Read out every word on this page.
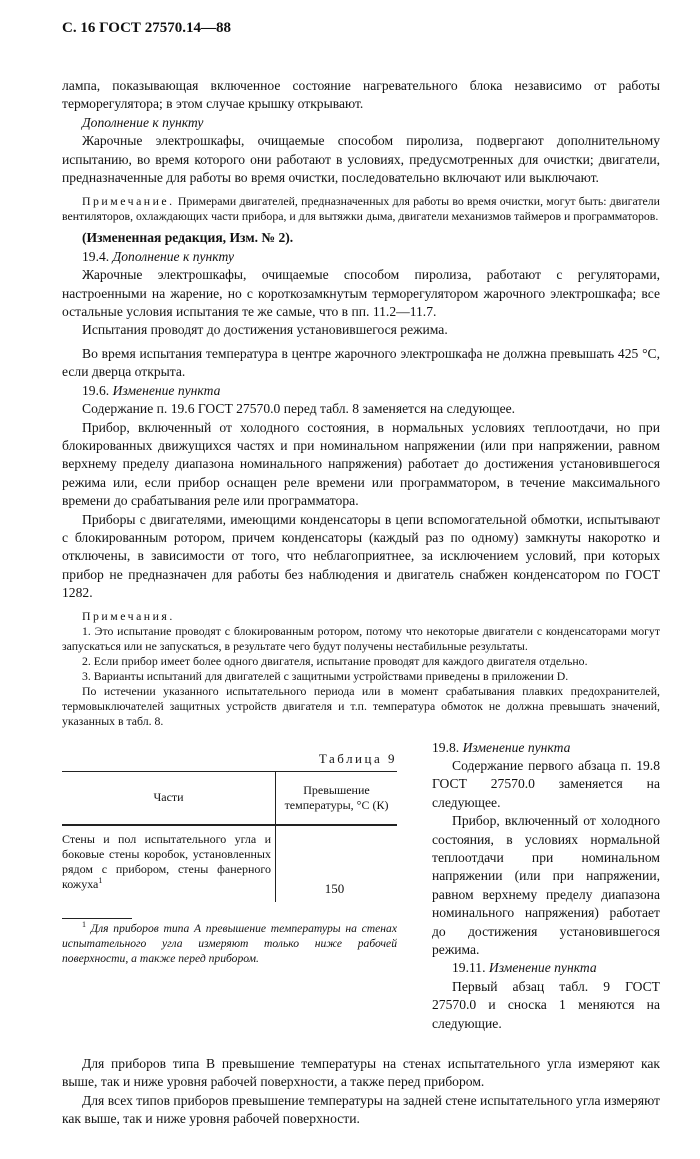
С. 16 ГОСТ 27570.14—88

лампа, показывающая включенное состояние нагревательного блока независимо от работы терморегулятора; в этом случае крышку открывают.

Дополнение к пункту

Жарочные электрошкафы, очищаемые способом пиролиза, подвергают дополнительному испытанию, во время которого они работают в условиях, предусмотренных для очистки; двигатели, предназначенные для работы во время очистки, последовательно включают или выключают.

Примечание. Примерами двигателей, предназначенных для работы во время очистки, могут быть: двигатели вентиляторов, охлаждающих части прибора, и для вытяжки дыма, двигатели механизмов таймеров и программаторов.

(Измененная редакция, Изм. № 2).

19.4. Дополнение к пункту

Жарочные электрошкафы, очищаемые способом пиролиза, работают с регуляторами, настроенными на жарение, но с короткозамкнутым терморегулятором жарочного электрошкафа; все остальные условия испытания те же самые, что в пп. 11.2—11.7.

Испытания проводят до достижения установившегося режима.

Во время испытания температура в центре жарочного электрошкафа не должна превышать 425 °С, если дверца открыта.

19.6. Изменение пункта

Содержание п. 19.6 ГОСТ 27570.0 перед табл. 8 заменяется на следующее.

Прибор, включенный от холодного состояния, в нормальных условиях теплоотдачи, но при блокированных движущихся частях и при номинальном напряжении (или при напряжении, равном верхнему пределу диапазона номинального напряжения) работает до достижения установившегося режима или, если прибор оснащен реле времени или программатором, в течение максимального времени до срабатывания реле или программатора.

Приборы с двигателями, имеющими конденсаторы в цепи вспомогательной обмотки, испытывают с блокированным ротором, причем конденсаторы (каждый раз по одному) замкнуты накоротко и отключены, в зависимости от того, что неблагоприятнее, за исключением условий, при которых прибор не предназначен для работы без наблюдения и двигатель снабжен конденсатором по ГОСТ 1282.

Примечания.

1. Это испытание проводят с блокированным ротором, потому что некоторые двигатели с конденсаторами могут запускаться или не запускаться, в результате чего будут получены нестабильные результаты.

2. Если прибор имеет более одного двигателя, испытание проводят для каждого двигателя отдельно.

3. Варианты испытаний для двигателей с защитными устройствами приведены в приложении D.

По истечении указанного испытательного периода или в момент срабатывания плавких предохранителей, термовыключателей защитных устройств двигателя и т.п. температура обмоток не должна превышать значений, указанных в табл. 8.

Таблица 9
Части	Превышение температуры, °С (К)
Стены и пол испытательного угла и боковые стены коробок, установленных рядом с прибором, стены фанерного кожуха$^1$	150

$^1$ Для приборов типа А превышение температуры на стенах испытательного угла измеряют только ниже рабочей поверхности, а также перед прибором.

19.8. Изменение пункта

Содержание первого абзаца п. 19.8 ГОСТ 27570.0 заменяется на следующее.

Прибор, включенный от холодного состояния, в условиях нормальной теплоотдачи при номинальном напряжении (или при напряжении, равном верхнему пределу диапазона номинального напряжения) работает до достижения установившегося режима.

19.11. Изменение пункта

Первый абзац табл. 9 ГОСТ 27570.0 и сноска 1 меняются на следующие.

Для приборов типа В превышение температуры на стенах испытательного угла измеряют как выше, так и ниже уровня рабочей поверхности, а также перед прибором.

Для всех типов приборов превышение температуры на задней стене испытательного угла измеряют как выше, так и ниже уровня рабочей поверхности.
